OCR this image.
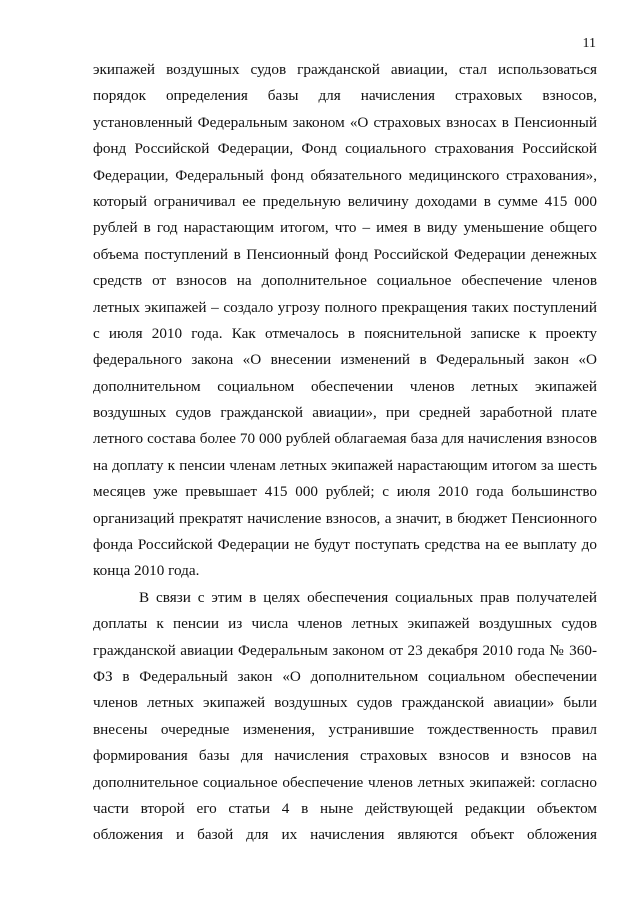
11
экипажей воздушных судов гражданской авиации, стал использоваться
порядок определения базы для начисления страховых взносов,
установленный Федеральным законом «О страховых взносах в Пенсионный
фонд Российской Федерации, Фонд социального страхования Российской
Федерации, Федеральный фонд обязательного медицинского страхования»,
который ограничивал ее предельную величину доходами в сумме 415 000
рублей в год нарастающим итогом, что – имея в виду уменьшение общего
объема поступлений в Пенсионный фонд Российской Федерации денежных
средств от взносов на дополнительное социальное обеспечение членов
летных экипажей – создало угрозу полного прекращения таких поступлений
с июля 2010 года. Как отмечалось в пояснительной записке к проекту
федерального закона «О внесении изменений в Федеральный закон «О
дополнительном социальном обеспечении членов летных экипажей
воздушных судов гражданской авиации», при средней заработной плате
летного состава более 70 000 рублей облагаемая база для начисления взносов
на доплату к пенсии членам летных экипажей нарастающим итогом за шесть
месяцев уже превышает 415 000 рублей; с июля 2010 года большинство
организаций прекратят начисление взносов, а значит, в бюджет Пенсионного
фонда Российской Федерации не будут поступать средства на ее выплату до
конца 2010 года.
В связи с этим в целях обеспечения социальных прав получателей
доплаты к пенсии из числа членов летных экипажей воздушных судов
гражданской авиации Федеральным законом от 23 декабря 2010 года № 360-
ФЗ в Федеральный закон «О дополнительном социальном обеспечении
членов летных экипажей воздушных судов гражданской авиации» были
внесены очередные изменения, устранившие тождественность правил
формирования базы для начисления страховых взносов и взносов на
дополнительное социальное обеспечение членов летных экипажей: согласно
части второй его статьи 4 в ныне действующей редакции объектом
обложения и базой для их начисления являются объект обложения
